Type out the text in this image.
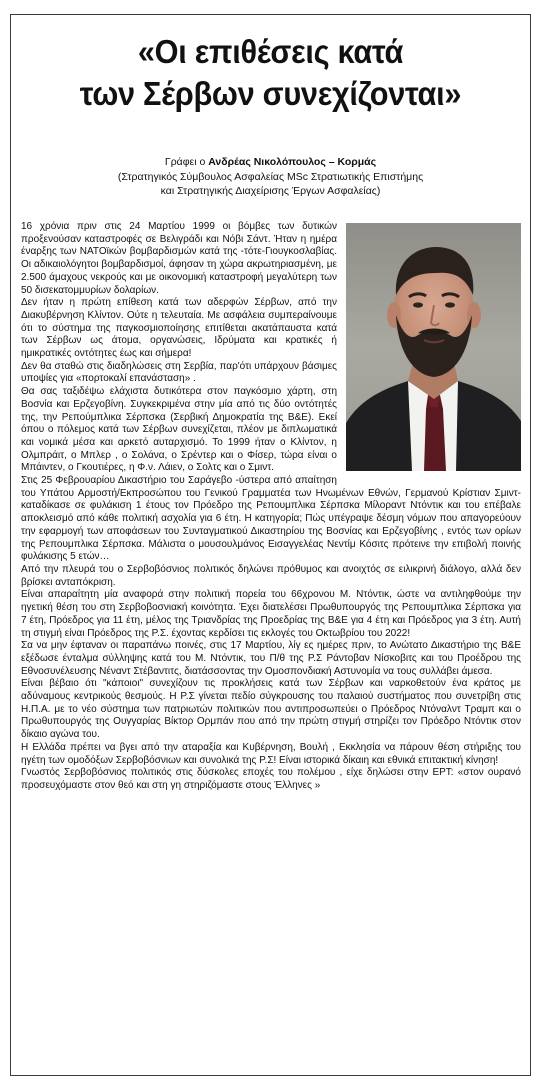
«Οι επιθέσεις κατά
των Σέρβων συνεχίζονται»
Γράφει ο Ανδρέας Νικολόπουλος – Κορμάς
(Στρατηγικός Σύμβουλος Ασφαλείας MSc Στρατιωτικής Επιστήμης
και Στρατηγικής Διαχείρισης Έργων Ασφαλείας)

16 χρόνια πριν στις 24 Μαρτίου 1999 οι βόμβες των δυτικών προξενούσαν καταστροφές σε Βελιγράδι και Νόβι Σάντ. Ήταν η ημέρα έναρξης των ΝΑΤΟϊκών βομβαρδισμών κατά της -τότε-Γιουγκοσλαβίας. Οι αδικαιολόγητοι βομβαρδισμοί, άφησαν τη χώρα ακρωτηριασμένη, με 2.500 άμαχους νεκρούς και με οικονομική καταστροφή μεγαλύτερη των 50 δισεκατομμυρίων δολαρίων.

Δεν ήταν η πρώτη επίθεση κατά των αδερφών Σέρβων, από την Διακυβέρνηση Κλίντον. Ούτε η τελευταία. Με ασφάλεια συμπεραίνουμε ότι το σύστημα της παγκοσμιοποίησης επιτίθεται ακατάπαυστα κατά των Σέρβων ως άτομα, οργανώσεις, Ιδρύματα και κρατικές ή ημικρατικές οντότητες έως και σήμερα!

Δεν θα σταθώ στις διαδηλώσεις στη Σερβία, παρ'ότι υπάρχουν βάσιμες υποψίες για «πορτοκαλί επανάσταση» .

Θα σας ταξιδέψω ελάχιστα δυτικότερα στον παγκόσμιο χάρτη, στη Βοσνία και Ερζεγοβίνη. Συγκεκριμένα στην μία από τις δύο οντότητές της, την Ρεπούμπλικα Σέρπσκα (Σερβική Δημοκρατία της Β&Ε). Εκεί όπου ο πόλεμος κατά των Σέρβων συνεχίζεται, πλέον με διπλωματικά και νομικά μέσα και αρκετό αυταρχισμό. Το 1999 ήταν ο Κλίντον, η Ολμπράιτ, ο Μπλερ , ο Σολάνα, ο Σρέντερ και ο Φίσερ, τώρα είναι ο Μπάιντεν, ο Γκουτιέρες, η Φ.ν. Λάιεν, ο Σολτς και ο Σμιντ.

Στις 25 Φεβρουαρίου Δικαστήριο του Σαράγεβο -ύστερα από απαίτηση του Υπάτου Αρμοστή/Εκπροσώπου του Γενικού Γραμματέα των Ηνωμένων Εθνών, Γερμανού Κρίστιαν Σμιντ- καταδίκασε σε φυλάκιση 1 έτους τον Πρόεδρο της Ρεπουμπλικα Σέρπσκα Μίλοραντ Ντόντικ και του επέβαλε αποκλεισμό από κάθε πολιτική ασχολία για 6 έτη. Η κατηγορία; Πώς υπέγραψε δέσμη νόμων που απαγορεύουν την εφαρμογή των αποφάσεων του Συνταγματικού Δικαστηρίου της Βοσνίας και Ερζεγοβίνης , εντός των ορίων της Ρεπουμπλικα Σέρπσκα. Μάλιστα ο μουσουλμάνος Εισαγγελέας Νεντίμ Κόσιτς πρότεινε την επιβολή ποινής φυλάκισης 5 ετών…

Από την πλευρά του ο Σερβοβόσνιος πολιτικός δηλώνει πρόθυμος και ανοιχτός σε ειλικρινή διάλογο, αλλά δεν βρίσκει ανταπόκριση.

Είναι απαραίτητη μία αναφορά στην πολιτική πορεία του 66χρονου Μ. Ντόντικ, ώστε να αντιληφθούμε την ηγετική θέση του στη Σερβοβοσνιακή κοινότητα. Έχει διατελέσει Πρωθυπουργός της Ρεπουμπλικα Σέρπσκα για 7 έτη, Πρόεδρος για 11 έτη, μέλος της Τριανδρίας της Προεδρίας της Β&Ε για 4 έτη και Πρόεδρος για 3 έτη. Αυτή τη στιγμή είναι Πρόεδρος της Ρ.Σ. έχοντας κερδίσει τις εκλογές του Οκτωβρίου του 2022!

Σα να μην έφταναν οι παραπάνω ποινές, στις 17 Μαρτίου, λίγ ες ημέρες πριν, το Ανώτατο Δικαστήριο της Β&Ε εξέδωσε ένταλμα σύλληψης κατά του Μ. Ντόντικ, του Π/θ της Ρ.Σ Ράντοβαν Νίσκοβιτς και του Προέδρου της Εθνοσυνέλευσης Νέναντ Στέβαντιτς, διατάσσοντας την Ομοσπονδιακή Αστυνομία να τους συλλάβει άμεσα.

Είναι βέβαιο ότι "κάποιοι" συνεχίζουν τις προκλήσεις κατά των Σέρβων και ναρκοθετούν ένα κράτος με αδύναμους κεντρικούς θεσμούς. Η Ρ.Σ γίνεται πεδίο σύγκρουσης του παλαιού συστήματος που συνετρίβη στις Η.Π.Α. με το νέο σύστημα των πατριωτών πολιτικών που αντιπροσωπεύει ο Πρόεδρος Ντόναλντ Τραμπ και ο Πρωθυπουργός της Ουγγαρίας Βίκτορ Ορμπάν που από την πρώτη στιγμή στηρίζει τον Πρόεδρο Ντόντικ στον δίκαιο αγώνα του.

Η Ελλάδα πρέπει να βγει από την αταραξία και Κυβέρνηση, Βουλή , Εκκλησία να πάρουν θέση στήριξης του ηγέτη των ομοδόξων Σερβοβόσνιων και συνολικά της Ρ.Σ! Είναι ιστορικά δίκαιη και εθνικά επιτακτική κίνηση!

Γνωστός Σερβοβόσνιος πολιτικός στις δύσκολες εποχές του πολέμου , είχε δηλώσει στην ΕΡΤ: «στον ουρανό προσευχόμαστε στον θεό και στη γη στηριζόμαστε στους Έλληνες »
